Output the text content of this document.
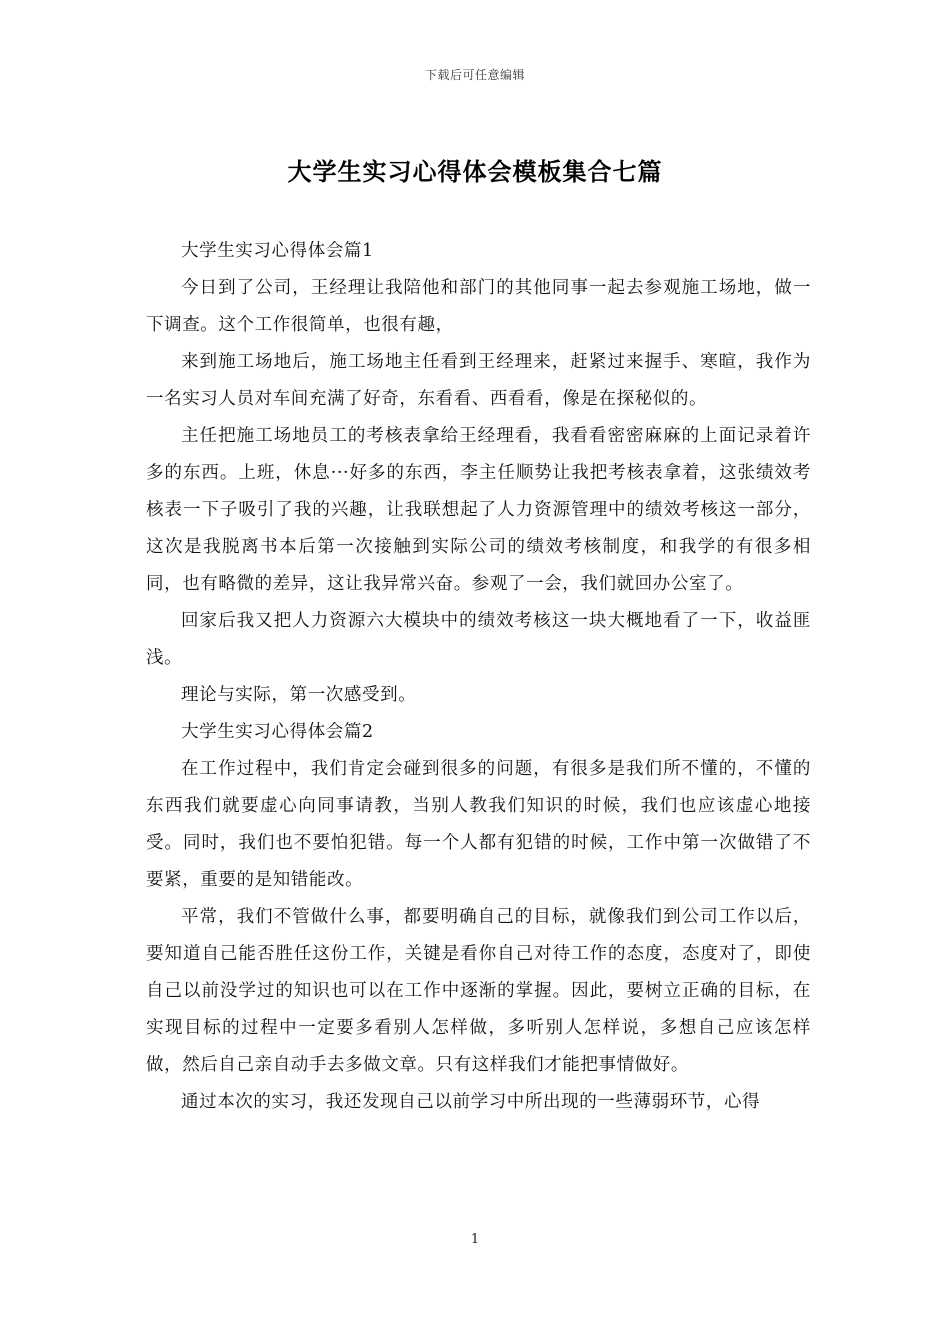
下载后可任意编辑
大学生实习心得体会模板集合七篇

大学生实习心得体会篇1

今日到了公司，王经理让我陪他和部门的其他同事一起去参观施工场地，做一下调查。这个工作很简单，也很有趣，

来到施工场地后，施工场地主任看到王经理来，赶紧过来握手、寒暄，我作为一名实习人员对车间充满了好奇，东看看、西看看，像是在探秘似的。

主任把施工场地员工的考核表拿给王经理看，我看看密密麻麻的上面记录着许多的东西。上班，休息···好多的东西，李主任顺势让我把考核表拿着，这张绩效考核表一下子吸引了我的兴趣，让我联想起了人力资源管理中的绩效考核这一部分，这次是我脱离书本后第一次接触到实际公司的绩效考核制度，和我学的有很多相同，也有略微的差异，这让我异常兴奋。参观了一会，我们就回办公室了。

回家后我又把人力资源六大模块中的绩效考核这一块大概地看了一下，收益匪浅。

理论与实际，第一次感受到。

大学生实习心得体会篇2

在工作过程中，我们肯定会碰到很多的问题，有很多是我们所不懂的，不懂的东西我们就要虚心向同事请教，当别人教我们知识的时候，我们也应该虚心地接受。同时，我们也不要怕犯错。每一个人都有犯错的时候，工作中第一次做错了不要紧，重要的是知错能改。

平常，我们不管做什么事，都要明确自己的目标，就像我们到公司工作以后，要知道自己能否胜任这份工作，关键是看你自己对待工作的态度，态度对了，即使自己以前没学过的知识也可以在工作中逐渐的掌握。因此，要树立正确的目标，在实现目标的过程中一定要多看别人怎样做，多听别人怎样说，多想自己应该怎样做，然后自己亲自动手去多做文章。只有这样我们才能把事情做好。

通过本次的实习，我还发现自己以前学习中所出现的一些薄弱环节，心得

1
